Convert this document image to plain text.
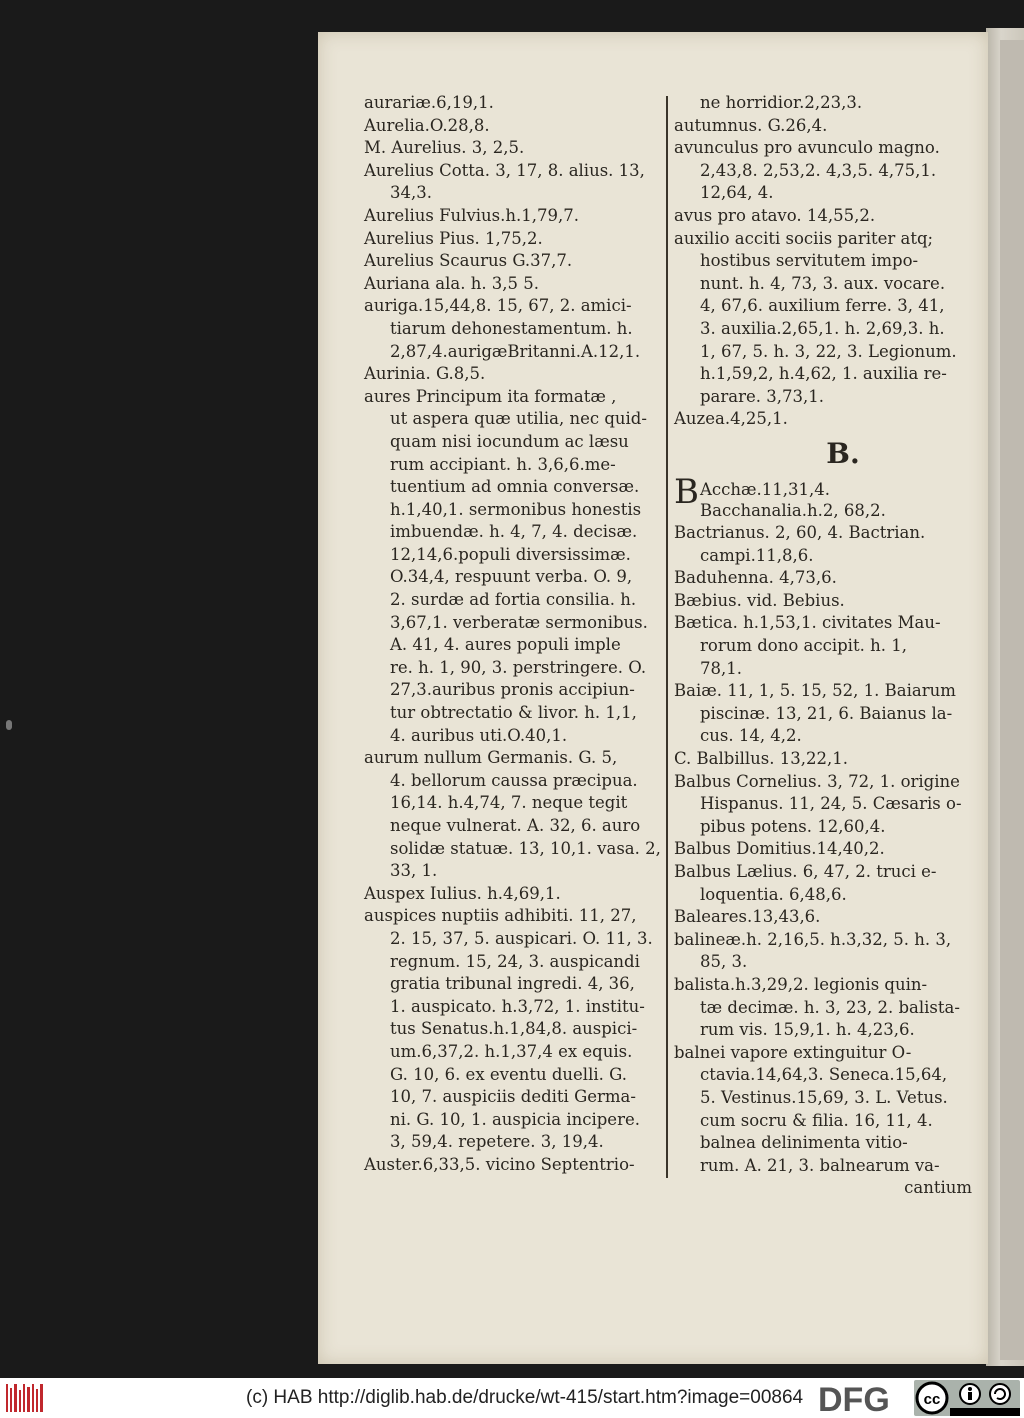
aurariæ.6,19,1.
Aurelia.O.28,8.
M. Aurelius. 3, 2,5.
Aurelius Cotta. 3, 17, 8. alius. 13,
34,3.
Aurelius Fulvius.h.1,79,7.
Aurelius Pius. 1,75,2.
Aurelius Scaurus G.37,7.
Auriana ala. h. 3,5 5.
auriga.15,44,8. 15, 67, 2. amici-
tiarum dehonestamentum. h.
2,87,4.aurigæBritanni.A.12,1.
Aurinia. G.8,5.
aures Principum ita formatæ ,
ut aspera quæ utilia, nec quid-
quam nisi iocundum ac læsu
rum accipiant. h. 3,6,6.me-
tuentium ad omnia conversæ.
h.1,40,1. sermonibus honestis
imbuendæ. h. 4, 7, 4. decisæ.
12,14,6.populi diversissimæ.
O.34,4, respuunt verba. O. 9,
2. surdæ ad fortia consilia. h.
3,67,1. verberatæ sermonibus.
A. 41, 4. aures populi imple
re. h. 1, 90, 3. perstringere. O.
27,3.auribus pronis accipiun-
tur obtrectatio & livor. h. 1,1,
4. auribus uti.O.40,1.
aurum nullum Germanis. G. 5,
4. bellorum caussa præcipua.
16,14. h.4,74, 7. neque tegit
neque vulnerat. A. 32, 6. auro
solidæ statuæ. 13, 10,1. vasa. 2,
33, 1.
Auspex Iulius. h.4,69,1.
auspices nuptiis adhibiti. 11, 27,
2. 15, 37, 5. auspicari. O. 11, 3.
regnum. 15, 24, 3. auspicandi
gratia tribunal ingredi. 4, 36,
1. auspicato. h.3,72, 1. institu-
tus Senatus.h.1,84,8. auspici-
um.6,37,2. h.1,37,4 ex equis.
G. 10, 6. ex eventu duelli. G.
10, 7. auspiciis dediti Germa-
ni. G. 10, 1. auspicia incipere.
3, 59,4. repetere. 3, 19,4.
Auster.6,33,5. vicino Septentrio-
ne horridior.2,23,3.
autumnus. G.26,4.
avunculus pro avunculo magno.
2,43,8. 2,53,2. 4,3,5. 4,75,1.
12,64, 4.
avus pro atavo. 14,55,2.
auxilio acciti sociis pariter atq;
hostibus servitutem impo-
nunt. h. 4, 73, 3. aux. vocare.
4, 67,6. auxilium ferre. 3, 41,
3. auxilia.2,65,1. h. 2,69,3. h.
1, 67, 5. h. 3, 22, 3. Legionum.
h.1,59,2, h.4,62, 1. auxilia re-
parare. 3,73,1.
Auzea.4,25,1.
B.
BAcchæ.11,31,4.
Bacchanalia.h.2, 68,2.
Bactrianus. 2, 60, 4. Bactrian.
campi.11,8,6.
Baduhenna. 4,73,6.
Bæbius. vid. Bebius.
Bætica. h.1,53,1. civitates Mau-
rorum dono accipit. h. 1,
78,1.
Baiæ. 11, 1, 5. 15, 52, 1. Baiarum
piscinæ. 13, 21, 6. Baianus la-
cus. 14, 4,2.
C. Balbillus. 13,22,1.
Balbus Cornelius. 3, 72, 1. origine
Hispanus. 11, 24, 5. Cæsaris o-
pibus potens. 12,60,4.
Balbus Domitius.14,40,2.
Balbus Lælius. 6, 47, 2. truci e-
loquentia. 6,48,6.
Baleares.13,43,6.
balineæ.h. 2,16,5. h.3,32, 5. h. 3,
85, 3.
balista.h.3,29,2. legionis quin-
tæ decimæ. h. 3, 23, 2. balista-
rum vis. 15,9,1. h. 4,23,6.
balnei vapore extinguitur O-
ctavia.14,64,3. Seneca.15,64,
5. Vestinus.15,69, 3. L. Vetus.
cum socru & filia. 16, 11, 4.
balnea delinimenta vitio-
rum. A. 21, 3. balnearum va-
cantium
(c) HAB http://diglib.hab.de/drucke/wt-415/start.htm?image=00864 DFG cc
